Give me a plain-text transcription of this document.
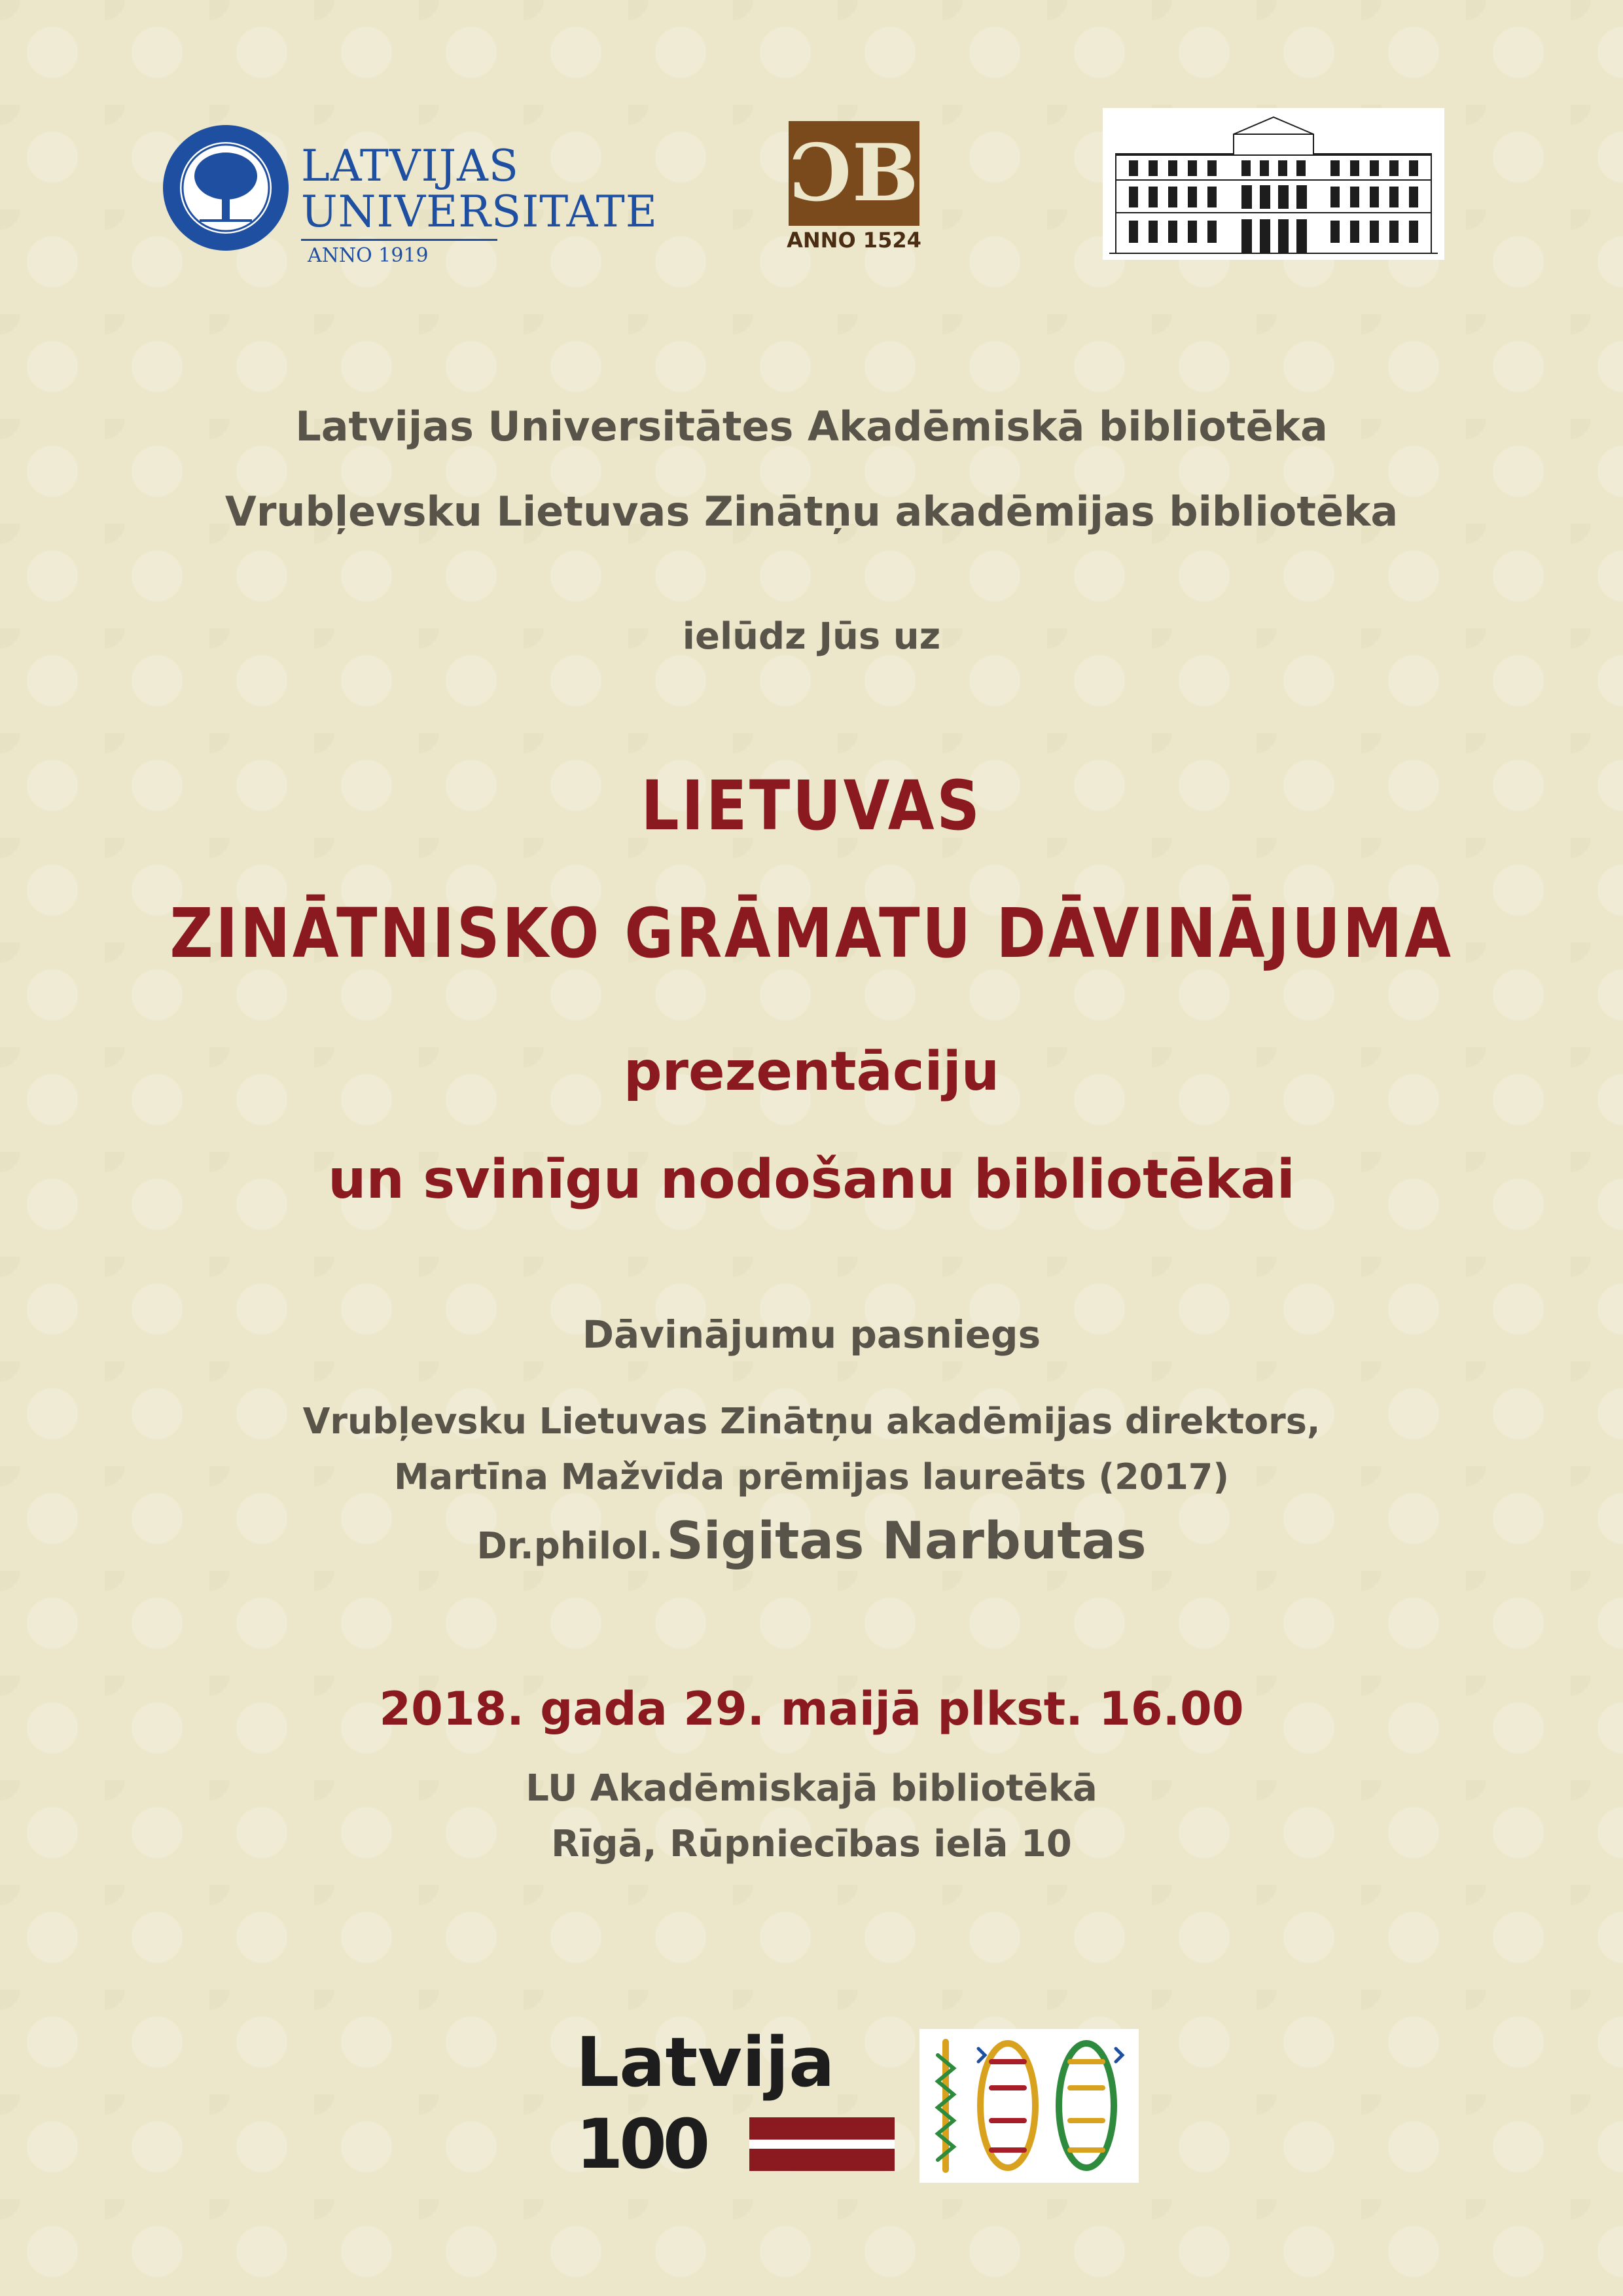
LATVIJAS
UNIVERSITATE
ANNO 1919
ƆB
ANNO 1524
Latvijas Universitātes Akadēmiskā bibliotēka
Vrubļevsku Lietuvas Zinātņu akadēmijas bibliotēka
ielūdz Jūs uz
LIETUVAS
ZINĀTNISKO GRĀMATU DĀVINĀJUMA
prezentāciju
un svinīgu nodošanu bibliotēkai
Dāvinājumu pasniegs
Vrubļevsku Lietuvas Zinātņu akadēmijas direktors,
Martīna Mažvīda prēmijas laureāts (2017)
Dr.philol. Sigitas Narbutas
2018. gada 29. maijā plkst. 16.00
LU Akadēmiskajā bibliotēkā
Rīgā, Rūpniecības ielā 10
Latvija
100
